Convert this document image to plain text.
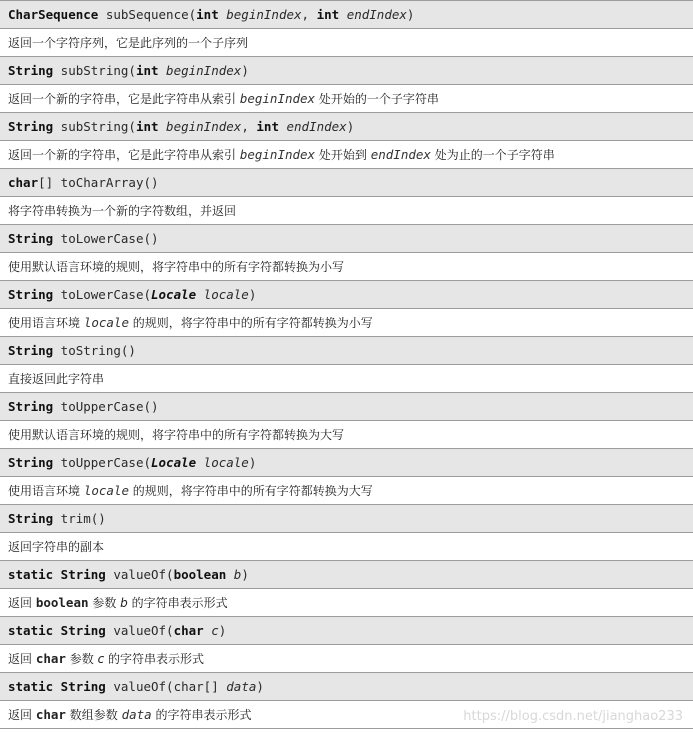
CharSequence subSequence(int beginIndex, int endIndex)
返回一个字符序列，它是此序列的一个子序列
String subString(int beginIndex)
返回一个新的字符串，它是此字符串从索引 beginIndex 处开始的一个子字符串
String subString(int beginIndex, int endIndex)
返回一个新的字符串，它是此字符串从索引 beginIndex 处开始到 endIndex 处为止的一个子字符串
char[] toCharArray()
将字符串转换为一个新的字符数组，并返回
String toLowerCase()
使用默认语言环境的规则，将字符串中的所有字符都转换为小写
String toLowerCase(Locale locale)
使用语言环境 locale 的规则，将字符串中的所有字符都转换为小写
String toString()
直接返回此字符串
String toUpperCase()
使用默认语言环境的规则，将字符串中的所有字符都转换为大写
String toUpperCase(Locale locale)
使用语言环境 locale 的规则，将字符串中的所有字符都转换为大写
String trim()
返回字符串的副本
static String valueOf(boolean b)
返回 boolean 参数 b 的字符串表示形式
static String valueOf(char c)
返回 char 参数 c 的字符串表示形式
static String valueOf(char[] data)
返回 char 数组参数 data 的字符串表示形式	https://blog.csdn.net/jianghao233
